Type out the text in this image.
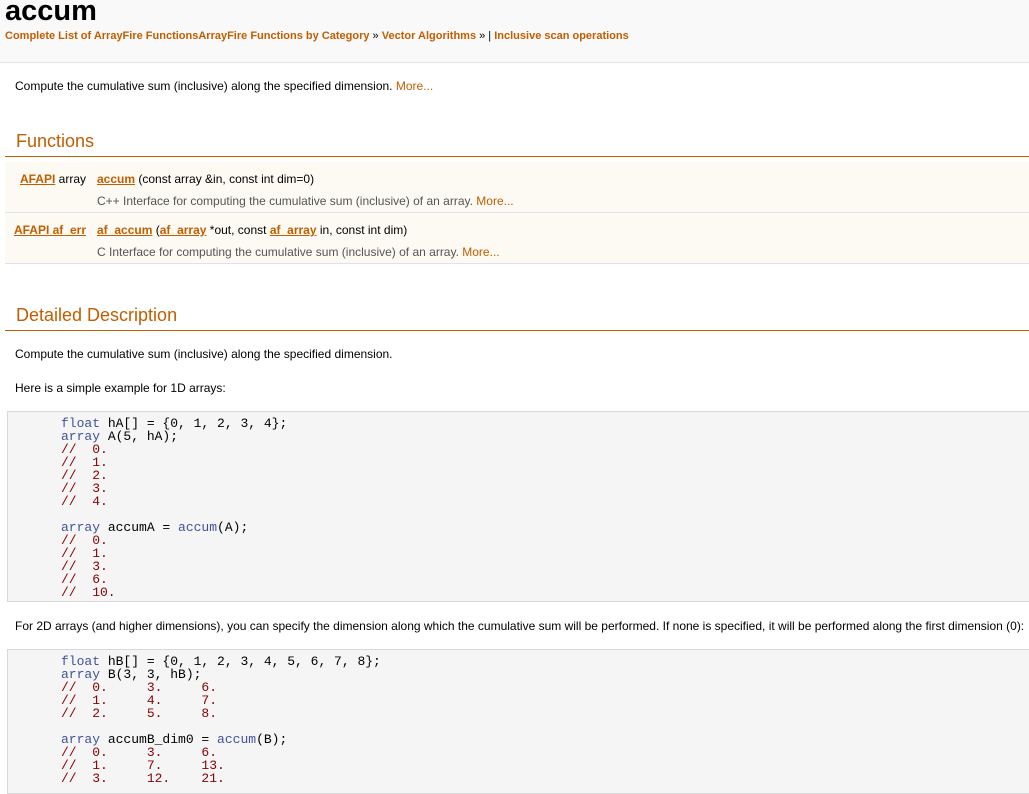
accum
Complete List of ArrayFire FunctionsArrayFire Functions by Category » Vector Algorithms » | Inclusive scan operations
Compute the cumulative sum (inclusive) along the specified dimension. More...
Functions
AFAPI array accum (const array &in, const int dim=0)
C++ Interface for computing the cumulative sum (inclusive) of an array. More...
AFAPI af_err af_accum (af_array *out, const af_array in, const int dim)
C Interface for computing the cumulative sum (inclusive) of an array. More...
Detailed Description
Compute the cumulative sum (inclusive) along the specified dimension.
Here is a simple example for 1D arrays:
float hA[] = {0, 1, 2, 3, 4};
array A(5, hA);
//  0.
//  1.
//  2.
//  3.
//  4.
array accumA = accum(A);
//  0.
//  1.
//  3.
//  6.
//  10.
For 2D arrays (and higher dimensions), you can specify the dimension along which the cumulative sum will be performed. If none is specified, it will be performed along the first dimension (0):
float hB[] = {0, 1, 2, 3, 4, 5, 6, 7, 8};
array B(3, 3, hB);
//  0.     3.     6.
//  1.     4.     7.
//  2.     5.     8.
array accumB_dim0 = accum(B);
//  0.     3.     6.
//  1.     7.     13.
//  3.     12.    21.
